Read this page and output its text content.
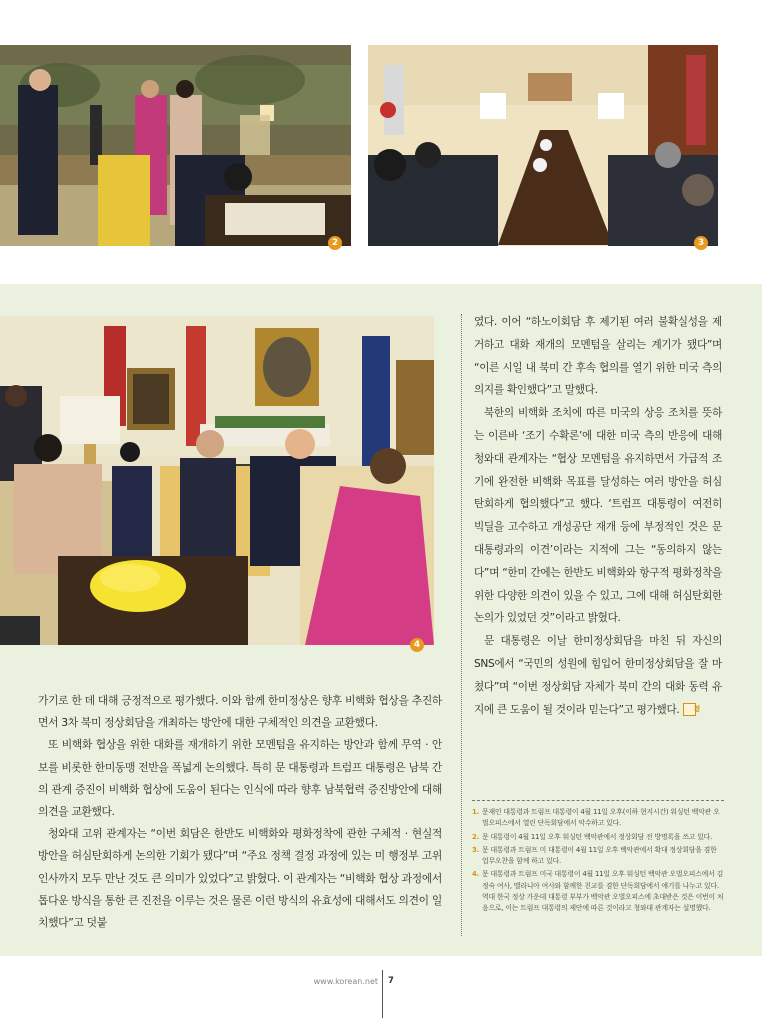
2	3
4

였다. 이어 “하노이회담 후 제기된 여러 불확실성을 제거하고 대화 재개의 모멘텀을 살리는 계기가 됐다”며 “이른 시일 내 북미 간 후속 협의를 열기 위한 미국 측의 의지를 확인했다”고 말했다.

북한의 비핵화 조치에 따른 미국의 상응 조치를 뜻하는 이른바 ‘조기 수확론’에 대한 미국 측의 반응에 대해 청와대 관계자는 “협상 모멘텀을 유지하면서 가급적 조기에 완전한 비핵화 목표를 달성하는 여러 방안을 허심탄회하게 협의했다”고 했다. ‘트럼프 대통령이 여전히 빅딜을 고수하고 개성공단 재개 등에 부정적인 것은 문 대통령과의 이견’이라는 지적에 그는 “동의하지 않는다”며 “한미 간에는 한반도 비핵화와 항구적 평화정착을 위한 다양한 의견이 있을 수 있고, 그에 대해 허심탄회한 논의가 있었던 것”이라고 밝혔다.

문 대통령은 이날 한미정상회담을 마친 뒤 자신의 SNS에서 “국민의 성원에 힘입어 한미정상회담을 잘 마쳤다”며 “이번 정상회담 자체가 북미 간의 대화 동력 유지에 큰 도움이 될 것이라 믿는다”고 평가했다. 정

가기로 한 데 대해 긍정적으로 평가했다. 이와 함께 한미정상은 향후 비핵화 협상을 추진하면서 3차 북미 정상회담을 개최하는 방안에 대한 구체적인 의견을 교환했다.

또 비핵화 협상을 위한 대화를 재개하기 위한 모멘텀을 유지하는 방안과 함께 무역 · 안보를 비롯한 한미동맹 전반을 폭넓게 논의했다. 특히 문 대통령과 트럼프 대통령은 남북 간의 관계 증진이 비핵화 협상에 도움이 된다는 인식에 따라 향후 남북협력 증진방안에 대해 의견을 교환했다.

청와대 고위 관계자는 “이번 회담은 한반도 비핵화와 평화정착에 관한 구체적 · 현실적 방안을 허심탄회하게 논의한 기회가 됐다”며 “주요 정책 결정 과정에 있는 미 행정부 고위 인사까지 모두 만난 것도 큰 의미가 있었다”고 밝혔다. 이 관계자는 “비핵화 협상 과정에서 톱다운 방식을 통한 큰 진전을 이루는 것은 물론 이런 방식의 유효성에 대해서도 의견이 일치했다”고 덧붙

1. 문재인 대통령과 트럼프 대통령이 4월 11일 오후(이하 현지시간) 워싱턴 백악관 오벌오피스에서 열린 단독회담에서 악수하고 있다.
2. 문 대통령이 4월 11일 오후 워싱턴 백악관에서 정상회담 전 방명록을 쓰고 있다.
3. 문 대통령과 트럼프 미 대통령이 4월 11일 오후 백악관에서 확대 정상회담을 겸한 업무오찬을 함께 하고 있다.
4. 문 대통령과 트럼프 미국 대통령이 4월 11일 오후 워싱턴 백악관 오벌오피스에서 김정숙 여사, 멜라니아 여사와 함께한 친교를 겸한 단독회담에서 얘기를 나누고 있다. 역대 한국 정상 가운데 대통령 부부가 백악관 오벌오피스에 초대받은 것은 이번이 처음으로, 이는 트럼프 대통령의 제안에 따른 것이라고 청와대 관계자는 설명했다.
www.korean.net 7
